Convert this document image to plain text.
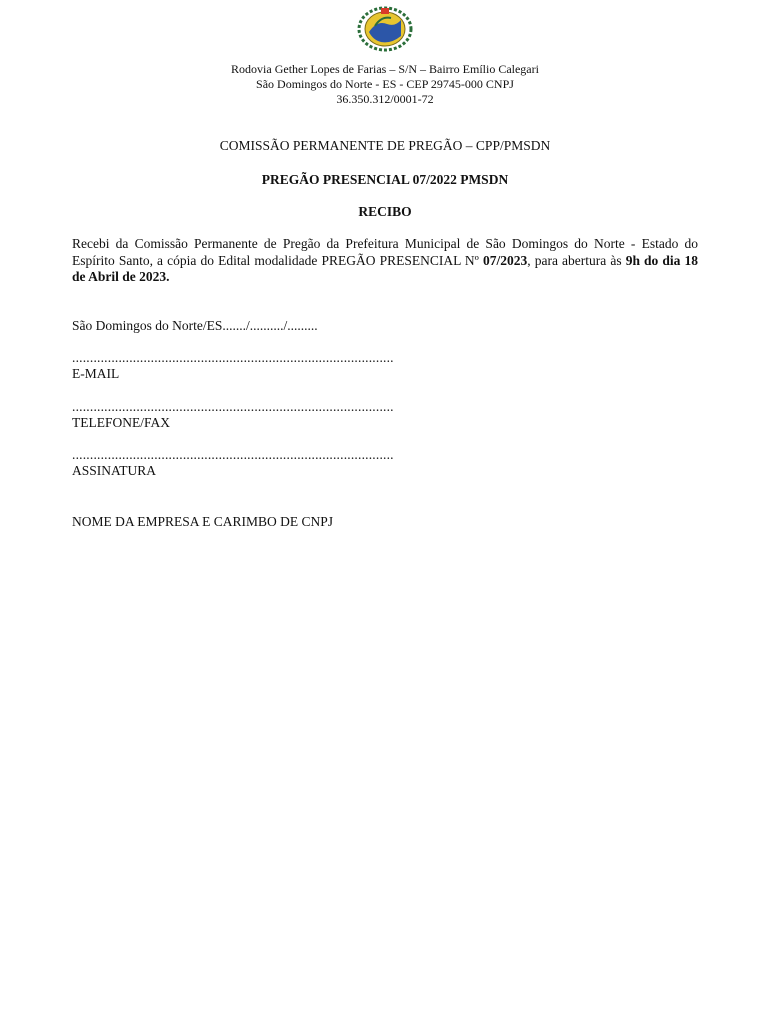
Rodovia Gether Lopes de Farias – S/N – Bairro Emílio Calegari
São Domingos do Norte - ES - CEP 29745-000 CNPJ
36.350.312/0001-72
COMISSÃO PERMANENTE DE PREGÃO – CPP/PMSDN
PREGÃO PRESENCIAL 07/2022 PMSDN
RECIBO
Recebi da Comissão Permanente de Pregão da Prefeitura Municipal de São Domingos do Norte - Estado do Espírito Santo, a cópia do Edital modalidade PREGÃO PRESENCIAL Nº 07/2023, para abertura às 9h do dia 18 de Abril de 2023.
São Domingos do Norte/ES......./........../.........
..........................................................................................
E-MAIL
..........................................................................................
TELEFONE/FAX
..........................................................................................
ASSINATURA
NOME DA EMPRESA E CARIMBO DE CNPJ
